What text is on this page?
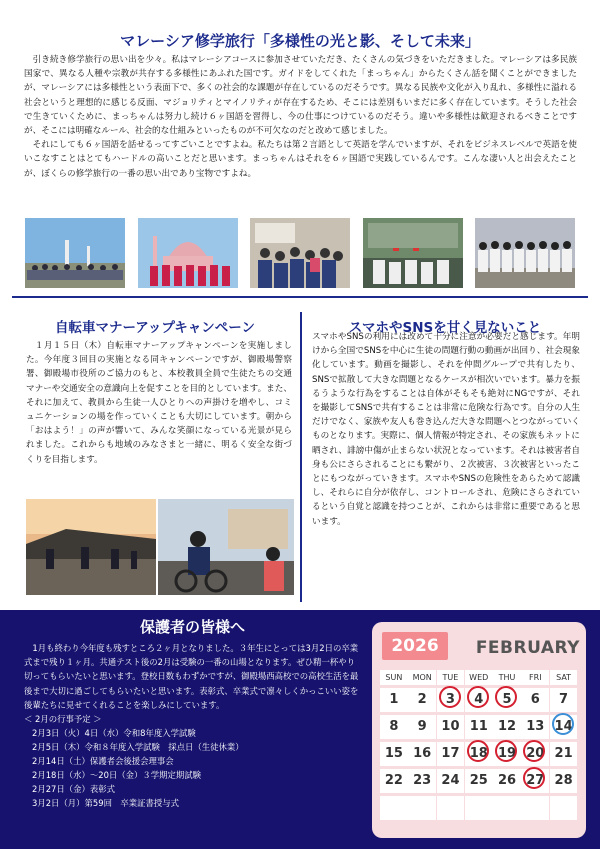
マレーシア修学旅行「多様性の光と影、そして未来」

　引き続き修学旅行の思い出を少々。私はマレーシアコースに参加させていただき、たくさんの気づきをいただきました。マレーシアは多民族国家で、異なる人種や宗教が共存する多様性にあふれた国です。ガイドをしてくれた「まっちゃん」からたくさん話を聞くことができましたが、マレーシアには多様性という表面下で、多くの社会的な課題が存在しているのだそうです。異なる民族や文化が入り乱れ、多様性に溢れる社会というと理想的に感じる反面、マジョリティとマイノリティが存在するため、そこには差別もいまだに多く存在しています。そうした社会で生きていくために、まっちゃんは努力し続け６ヶ国語を習得し、今の仕事につけているのだそう。違いや多様性は歓迎されるべきことですが、そこには明確なルール、社会的な仕組みといったものが不可欠なのだと改めて感じました。

　それにしても６ヶ国語を話せるってすごいことですよね。私たちは第２言語として英語を学んでいますが、それをビジネスレベルで英語を使いこなすことはとてもハードルの高いことだと思います。まっちゃんはそれを６ヶ国語で実践しているんです。こんな凄い人と出会えたことが、ぼくらの修学旅行の一番の思い出であり宝物ですよね。

自転車マナーアップキャンペーン

　１月１５日（木）自転車マナーアップキャンペーンを実施しました。今年度３回目の実施となる同キャンペーンですが、御殿場警察署、御殿場市役所のご協力のもと、本校教員全員で生徒たちの交通マナーや交通安全の意識向上を促すことを目的としています。また、それに加えて、教員から生徒一人ひとりへの声掛けを増やし、コミュニケーションの場を作っていくことも大切にしています。朝から「おはよう！」の声が響いて、みんな笑顔になっている光景が見られました。これからも地域のみなさまと一緒に、明るく安全な街づくりを目指します。

スマホやSNSを甘く見ないこと

スマホやSNSの利用には改めて十分に注意が必要だと感じます。年明けから全国でSNSを中心に生徒の問題行動の動画が出回り、社会現象化しています。動画を撮影し、それを仲間グループで共有したり、SNSで拡散して大きな問題となるケースが相次いでいます。暴力を振るうような行為をすることは自体がそもそも絶対にNGですが、それを撮影してSNSで共有することは非常に危険な行為です。自分の人生だけでなく、家族や友人も巻き込んだ大きな問題へとつながっていくものとなります。実際に、個人情報が特定され、その家族もネットに晒され、誹謗中傷が止まらない状況となっています。それは被害者自身も公にさらされることにも繋がり、２次被害、３次被害といったことにもつながっていきます。スマホやSNSの危険性をあらためて認識し、それらに自分が依存し、コントロールされ、危険にさらされているという自覚と認識を持つことが、これからは非常に重要であると思います。

保護者の皆様へ
　1月も終わり今年度も残すところ２ヶ月となりました。３年生にとっては3月2日の卒業式まで残り１ヶ月。共通テスト後の2月は受験の一番の山場となります。ぜひ精一杯やり切ってもらいたいと思います。登校日数もわずかですが、御殿場西高校での高校生活を最後まで大切に過ごしてもらいたいと思います。表彰式、卒業式で凛々しくかっこいい姿を後輩たちに見せてくれることを楽しみにしています。
＜ 2月の行事予定 ＞
2月3日（火）4日（水）令和8年度入学試験
2月5日（木）令和８年度入学試験　採点日（生徒休業）
2月14日（土）保護者会後援会理事会
2月18日（水）～20日（金）３学期定期試験
2月27日（金）表彰式
3月2日（月）第59回　卒業証書授与式
2026	FEBRUARY
SUN	MON	TUE	WED	THU	FRI	SAT
1	2	3	4	5	6	7
8	9	10 11 12 13 14
15 16 17 18 19 20 21
22 23 24 25 26 27 28
